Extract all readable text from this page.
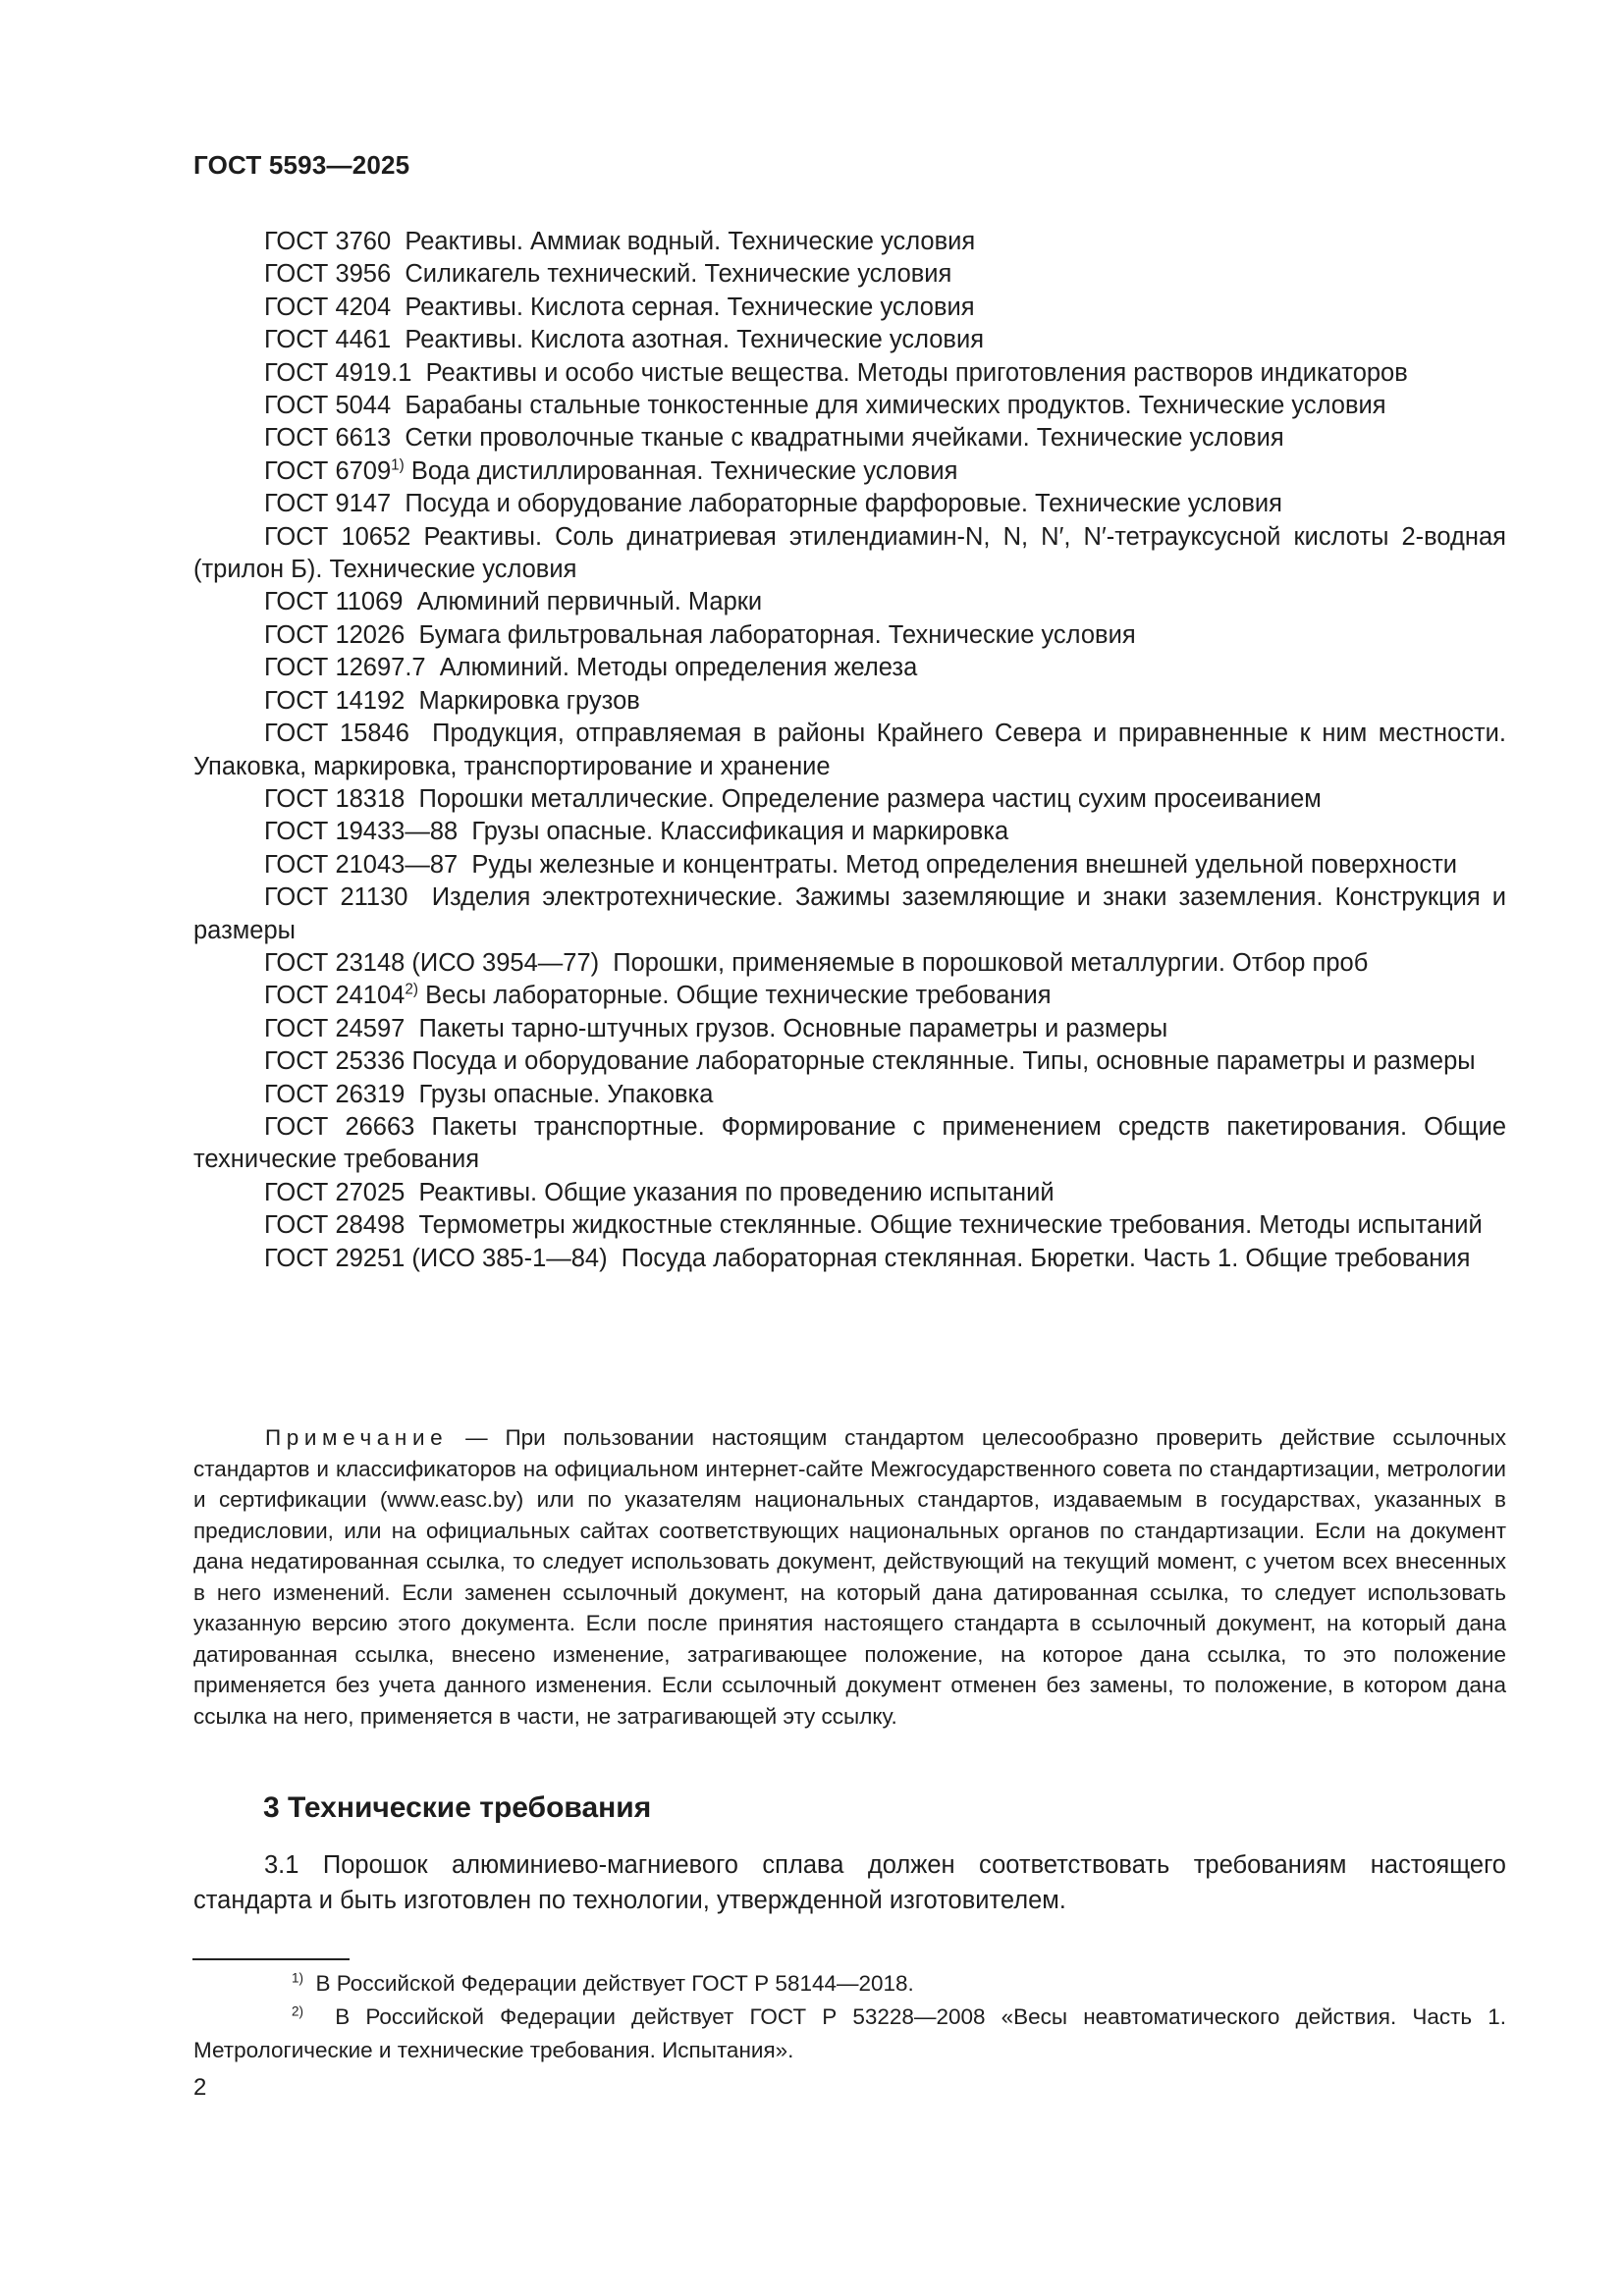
ГОСТ 5593—2025

ГОСТ 3760 Реактивы. Аммиак водный. Технические условия

ГОСТ 3956 Силикагель технический. Технические условия

ГОСТ 4204 Реактивы. Кислота серная. Технические условия

ГОСТ 4461 Реактивы. Кислота азотная. Технические условия

ГОСТ 4919.1 Реактивы и особо чистые вещества. Методы приготовления растворов индикаторов

ГОСТ 5044 Барабаны стальные тонкостенные для химических продуктов. Технические условия

ГОСТ 6613 Сетки проволочные тканые с квадратными ячейками. Технические условия

ГОСТ 6709$^{1)}$ Вода дистиллированная. Технические условия

ГОСТ 9147 Посуда и оборудование лабораторные фарфоровые. Технические условия

ГОСТ 10652 Реактивы. Соль динатриевая этилендиамин-N, N, N′, N′-тетрауксусной кислоты 2-водная (трилон Б). Технические условия

ГОСТ 11069 Алюминий первичный. Марки

ГОСТ 12026 Бумага фильтровальная лабораторная. Технические условия

ГОСТ 12697.7 Алюминий. Методы определения железа

ГОСТ 14192 Маркировка грузов

ГОСТ 15846 Продукция, отправляемая в районы Крайнего Севера и приравненные к ним местности. Упаковка, маркировка, транспортирование и хранение

ГОСТ 18318 Порошки металлические. Определение размера частиц сухим просеиванием

ГОСТ 19433—88 Грузы опасные. Классификация и маркировка

ГОСТ 21043—87 Руды железные и концентраты. Метод определения внешней удельной поверхности

ГОСТ 21130 Изделия электротехнические. Зажимы заземляющие и знаки заземления. Конструкция и размеры

ГОСТ 23148 (ИСО 3954—77) Порошки, применяемые в порошковой металлургии. Отбор проб

ГОСТ 24104$^{2)}$ Весы лабораторные. Общие технические требования

ГОСТ 24597 Пакеты тарно-штучных грузов. Основные параметры и размеры

ГОСТ 25336 Посуда и оборудование лабораторные стеклянные. Типы, основные параметры и размеры

ГОСТ 26319 Грузы опасные. Упаковка

ГОСТ 26663 Пакеты транспортные. Формирование с применением средств пакетирования. Общие технические требования

ГОСТ 27025 Реактивы. Общие указания по проведению испытаний

ГОСТ 28498 Термометры жидкостные стеклянные. Общие технические требования. Методы испытаний

ГОСТ 29251 (ИСО 385-1—84) Посуда лабораторная стеклянная. Бюретки. Часть 1. Общие требования

Примечание — При пользовании настоящим стандартом целесообразно проверить действие ссылочных стандартов и классификаторов на официальном интернет-сайте Межгосударственного совета по стандартизации, метрологии и сертификации (www.easc.by) или по указателям национальных стандартов, издаваемым в государствах, указанных в предисловии, или на официальных сайтах соответствующих национальных органов по стандартизации. Если на документ дана недатированная ссылка, то следует использовать документ, действующий на текущий момент, с учетом всех внесенных в него изменений. Если заменен ссылочный документ, на который дана датированная ссылка, то следует использовать указанную версию этого документа. Если после принятия настоящего стандарта в ссылочный документ, на который дана датированная ссылка, внесено изменение, затрагивающее положение, на которое дана ссылка, то это положение применяется без учета данного изменения. Если ссылочный документ отменен без замены, то положение, в котором дана ссылка на него, применяется в части, не затрагивающей эту ссылку.

3 Технические требования

3.1 Порошок алюминиево-магниевого сплава должен соответствовать требованиям настоящего стандарта и быть изготовлен по технологии, утвержденной изготовителем.

$^{1)}$ В Российской Федерации действует ГОСТ Р 58144—2018.

$^{2)}$ В Российской Федерации действует ГОСТ Р 53228—2008 «Весы неавтоматического действия. Часть 1. Метрологические и технические требования. Испытания».

2
